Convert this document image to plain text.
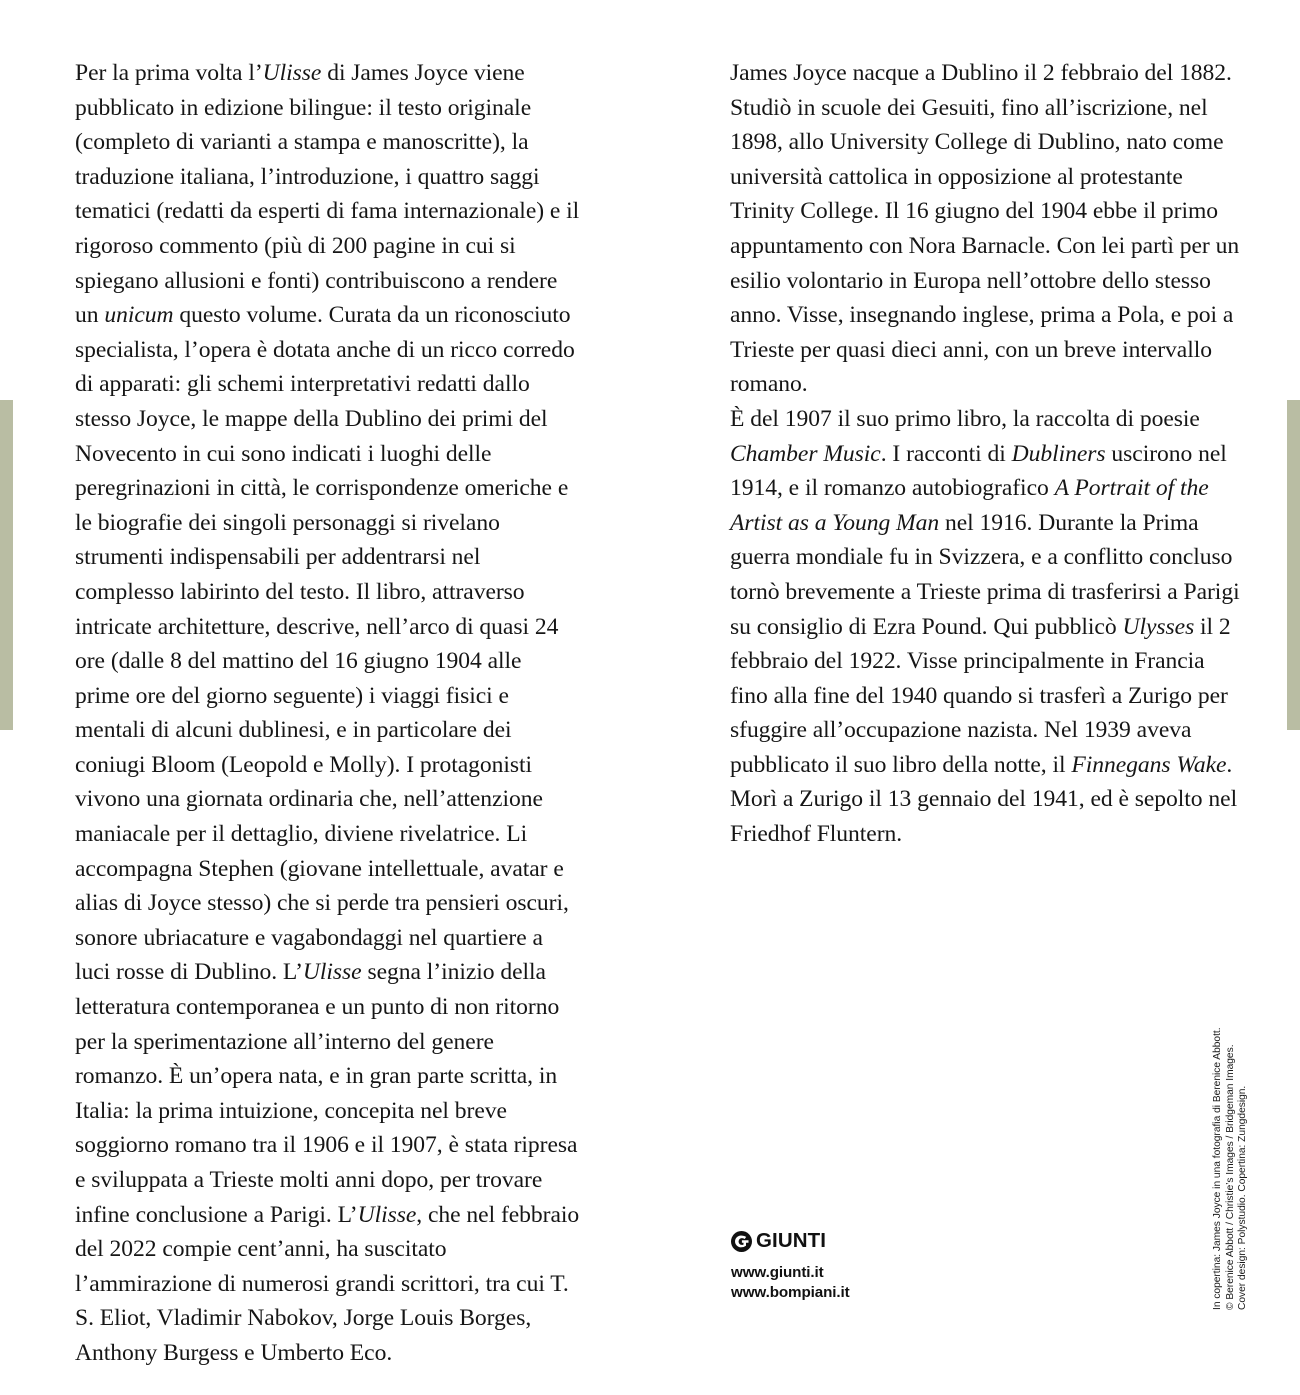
Per la prima volta l’Ulisse di James Joyce viene pubblicato in edizione bilingue: il testo originale (completo di varianti a stampa e manoscritte), la traduzione italiana, l’introduzione, i quattro saggi tematici (redatti da esperti di fama internazionale) e il rigoroso commento (più di 200 pagine in cui si spiegano allusioni e fonti) contribuiscono a rendere un unicum questo volume. Curata da un riconosciuto specialista, l’opera è dotata anche di un ricco corredo di apparati: gli schemi interpretativi redatti dallo stesso Joyce, le mappe della Dublino dei primi del Novecento in cui sono indicati i luoghi delle peregrinazioni in città, le corrispondenze omeriche e le biografie dei singoli personaggi si rivelano strumenti indispensabili per addentrarsi nel complesso labirinto del testo. Il libro, attraverso intricate architetture, descrive, nell’arco di quasi 24 ore (dalle 8 del mattino del 16 giugno 1904 alle prime ore del giorno seguente) i viaggi fisici e mentali di alcuni dublinesi, e in particolare dei coniugi Bloom (Leopold e Molly). I protagonisti vivono una giornata ordinaria che, nell’attenzione maniacale per il dettaglio, diviene rivelatrice. Li accompagna Stephen (giovane intellettuale, avatar e alias di Joyce stesso) che si perde tra pensieri oscuri, sonore ubriacature e vagabondaggi nel quartiere a luci rosse di Dublino. L’Ulisse segna l’inizio della letteratura contemporanea e un punto di non ritorno per la sperimentazione all’interno del genere romanzo. È un’opera nata, e in gran parte scritta, in Italia: la prima intuizione, concepita nel breve soggiorno romano tra il 1906 e il 1907, è stata ripresa e sviluppata a Trieste molti anni dopo, per trovare infine conclusione a Parigi. L’Ulisse, che nel febbraio del 2022 compie cent’anni, ha suscitato l’ammirazione di numerosi grandi scrittori, tra cui T. S. Eliot, Vladimir Nabokov, Jorge Louis Borges, Anthony Burgess e Umberto Eco.

James Joyce nacque a Dublino il 2 febbraio del 1882. Studiò in scuole dei Gesuiti, fino all’iscrizione, nel 1898, allo University College di Dublino, nato come università cattolica in opposizione al protestante Trinity College. Il 16 giugno del 1904 ebbe il primo appuntamento con Nora Barnacle. Con lei partì per un esilio volontario in Europa nell’ottobre dello stesso anno. Visse, insegnando inglese, prima a Pola, e poi a Trieste per quasi dieci anni, con un breve intervallo romano.
È del 1907 il suo primo libro, la raccolta di poesie Chamber Music. I racconti di Dubliners uscirono nel 1914, e il romanzo autobiografico A Portrait of the Artist as a Young Man nel 1916. Durante la Prima guerra mondiale fu in Svizzera, e a conflitto concluso tornò brevemente a Trieste prima di trasferirsi a Parigi su consiglio di Ezra Pound. Qui pubblicò Ulysses il 2 febbraio del 1922. Visse principalmente in Francia fino alla fine del 1940 quando si trasferì a Zurigo per sfuggire all’occupazione nazista. Nel 1939 aveva pubblicato il suo libro della notte, il Finnegans Wake. Morì a Zurigo il 13 gennaio del 1941, ed è sepolto nel Friedhof Fluntern.

GIUNTI
www.giunti.it
www.bompiani.it	In copertina: James Joyce in una fotografia di Berenice Abbott. © Berenice Abbott / Christie’s Images / Bridgeman Images. Cover design: Polystudio. Copertina: Zungdesign.
